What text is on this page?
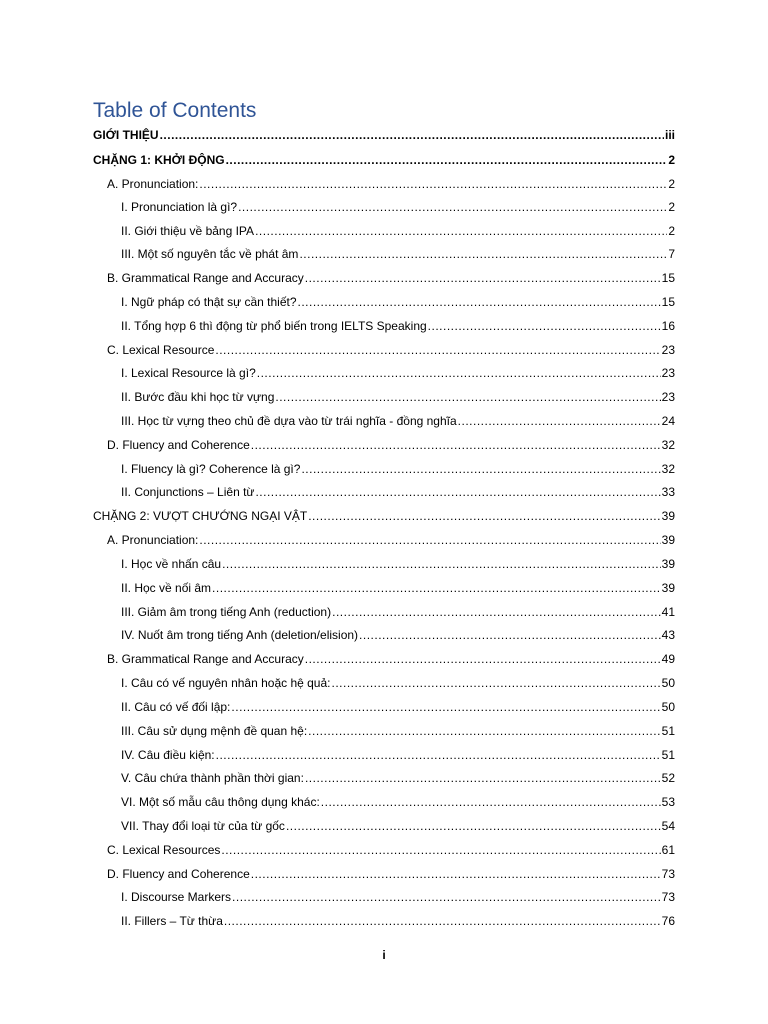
Table of Contents
GIỚI THIỆU .....	iii
CHẶNG 1: KHỞI ĐỘNG .....	2
A. Pronunciation: .....	2
I. Pronunciation là gì? .....	2
II. Giới thiệu về bảng IPA .....	2
III. Một số nguyên tắc về phát âm .....	7
B. Grammatical Range and Accuracy .....	15
I. Ngữ pháp có thật sự cần thiết? .....	15
II. Tổng hợp 6 thì động từ phổ biến trong IELTS Speaking .....	16
C. Lexical Resource .....	23
I. Lexical Resource là gì? .....	23
II. Bước đầu khi học từ vựng .....	23
III. Học từ vựng theo chủ đề dựa vào từ trái nghĩa - đồng nghĩa .....	24
D. Fluency and Coherence .....	32
I. Fluency là gì? Coherence là gì? .....	32
II. Conjunctions – Liên từ .....	33
CHẶNG 2: VƯỢT CHƯỚNG NGẠI VẬT .....	39
A. Pronunciation: .....	39
I. Học về nhấn câu .....	39
II. Học về nối âm .....	39
III. Giảm âm trong tiếng Anh (reduction) .....	41
IV. Nuốt âm trong tiếng Anh (deletion/elision) .....	43
B. Grammatical Range and Accuracy .....	49
I. Câu có vế nguyên nhân hoặc hệ quả: .....	50
II. Câu có vế đối lập: .....	50
III. Câu sử dụng mệnh đề quan hệ: .....	51
IV. Câu điều kiện: .....	51
V. Câu chứa thành phần thời gian: .....	52
VI. Một số mẫu câu thông dụng khác: .....	53
VII. Thay đổi loại từ của từ gốc .....	54
C. Lexical Resources .....	61
D. Fluency and Coherence .....	73
I. Discourse Markers .....	73
II. Fillers – Từ thừa .....	76
i
